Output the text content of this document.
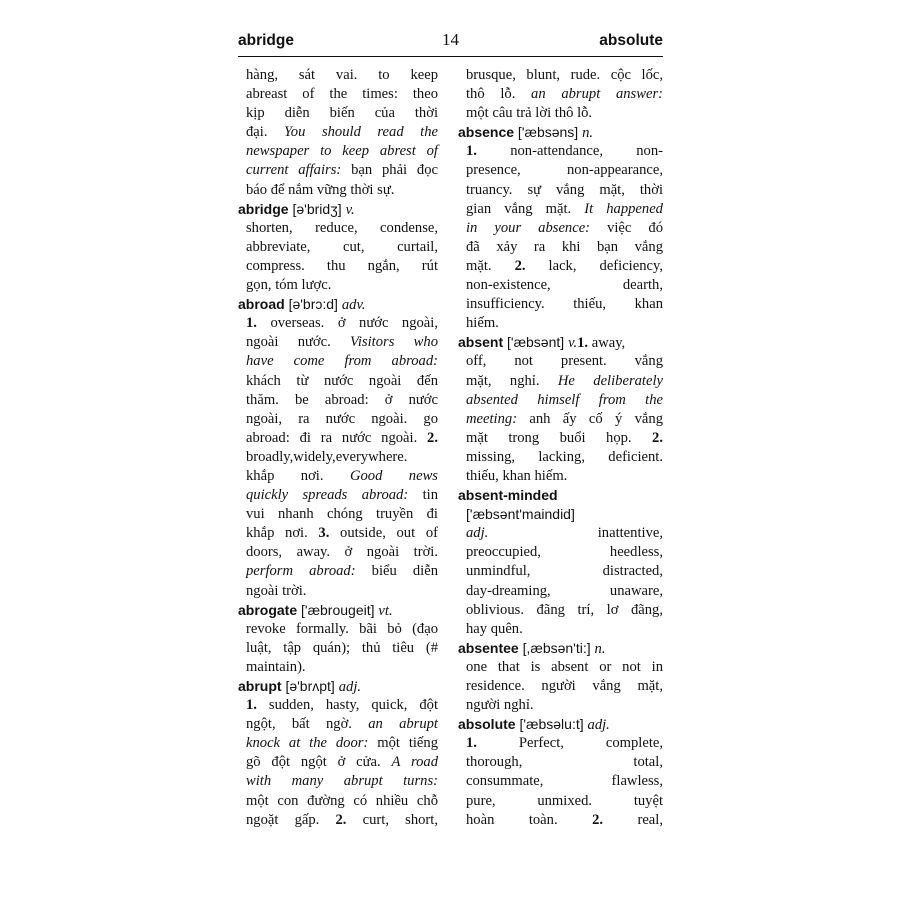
abridge	14	absolute
hàng, sát vai. to keep
abreast of the times: theo
kịp diễn biến của thời
đại. You should read the
newspaper to keep abrest of
current affairs: bạn phải đọc
báo để nắm vững thời sự.
abridge [ə'bridʒ] v.
shorten, reduce, condense,
abbreviate, cut, curtail,
compress. thu ngắn, rút
gọn, tóm lược.
abroad [ə'brɔ:d] adv.
1. overseas. ở nước ngoài,
ngoài nước. Visitors who
have come from abroad:
khách từ nước ngoài đến
thăm. be abroad: ở nước
ngoài, ra nước ngoài. go
abroad: đi ra nước ngoài. 2.
broadly,widely,everywhere.
khắp nơi. Good news
quickly spreads abroad: tin
vui nhanh chóng truyền đi
khắp nơi. 3. outside, out of
doors, away. ở ngoài trời.
perform abroad: biểu diễn
ngoài trời.
abrogate ['æbrougeit] vt.
revoke formally. bãi bỏ (đạo
luật, tập quán); thủ tiêu (#
maintain).
abrupt [ə'brʌpt] adj.
1. sudden, hasty, quick, đột
ngột, bất ngờ. an abrupt
knock at the door: một tiếng
gõ đột ngột ở cửa. A road
with many abrupt turns:
một con đường có nhiều chỗ
ngoặt gấp. 2. curt, short,
brusque, blunt, rude. cộc lốc,
thô lỗ. an abrupt answer:
một câu trả lời thô lỗ.
absence ['æbsəns] n.
1. non-attendance, non-
presence, non-appearance,
truancy. sự vắng mặt, thời
gian vắng mặt. It happened
in your absence: việc đó
đã xảy ra khi bạn vắng
mặt. 2. lack, deficiency,
non-existence, dearth,
insufficiency. thiếu, khan
hiếm.
absent ['æbsənt] v.1. away,
off, not present. vắng
mặt, nghỉ. He deliberately
absented himself from the
meeting: anh ấy cố ý vắng
mặt trong buổi họp. 2.
missing, lacking, deficient.
thiếu, khan hiếm.
absent-minded
['æbsənt'maindid]
adj. inattentive,
preoccupied, heedless,
unmindful, distracted,
day-dreaming, unaware,
oblivious. đãng trí, lơ đãng,
hay quên.
absentee [,æbsən'ti:] n.
one that is absent or not in
residence. người vắng mặt,
người nghỉ.
absolute ['æbsəlu:t] adj.
1. Perfect, complete,
thorough, total,
consummate, flawless,
pure, unmixed. tuyệt
hoàn toàn. 2. real,
